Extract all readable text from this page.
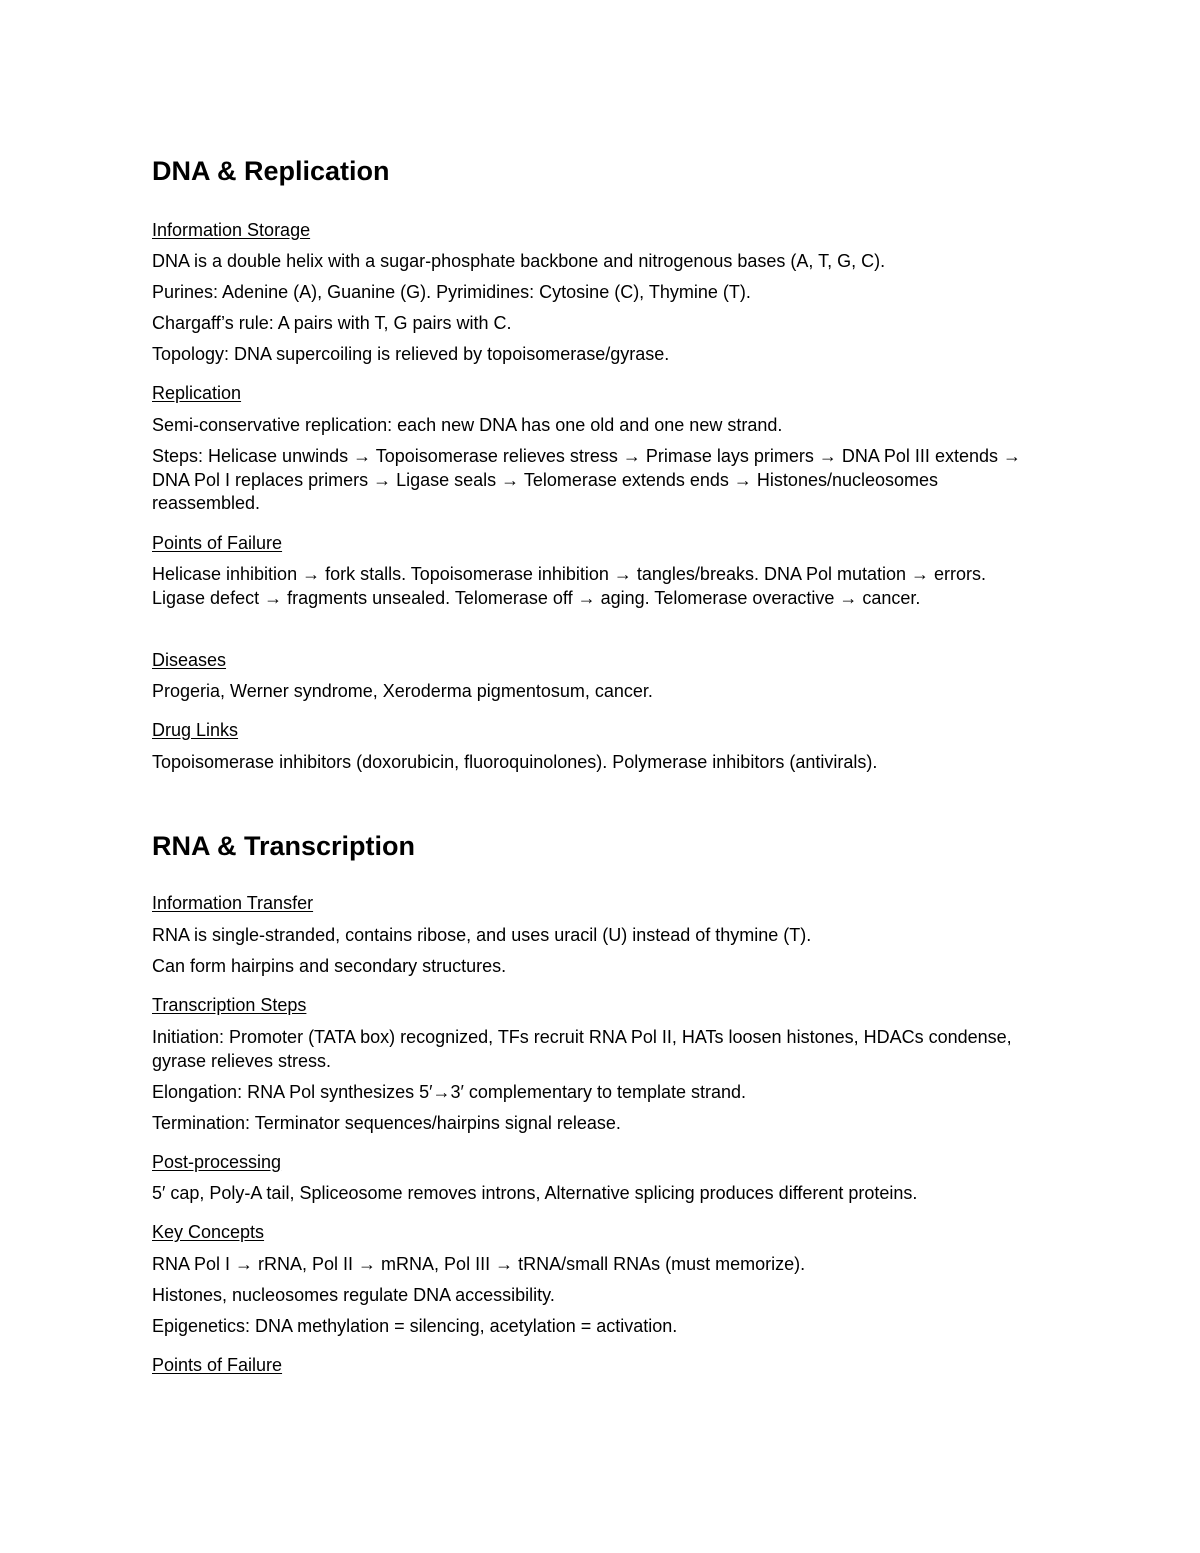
DNA & Replication
Information Storage
DNA is a double helix with a sugar-phosphate backbone and nitrogenous bases (A, T, G, C).
Purines: Adenine (A), Guanine (G). Pyrimidines: Cytosine (C), Thymine (T).
Chargaff’s rule: A pairs with T, G pairs with C.
Topology: DNA supercoiling is relieved by topoisomerase/gyrase.
Replication
Semi-conservative replication: each new DNA has one old and one new strand.
Steps: Helicase unwinds → Topoisomerase relieves stress → Primase lays primers → DNA Pol III extends → DNA Pol I replaces primers → Ligase seals → Telomerase extends ends → Histones/nucleosomes reassembled.
Points of Failure
Helicase inhibition → fork stalls. Topoisomerase inhibition → tangles/breaks. DNA Pol mutation → errors. Ligase defect → fragments unsealed. Telomerase off → aging. Telomerase overactive → cancer.
Diseases
Progeria, Werner syndrome, Xeroderma pigmentosum, cancer.
Drug Links
Topoisomerase inhibitors (doxorubicin, fluoroquinolones). Polymerase inhibitors (antivirals).
RNA & Transcription
Information Transfer
RNA is single-stranded, contains ribose, and uses uracil (U) instead of thymine (T).
Can form hairpins and secondary structures.
Transcription Steps
Initiation: Promoter (TATA box) recognized, TFs recruit RNA Pol II, HATs loosen histones, HDACs condense, gyrase relieves stress.
Elongation: RNA Pol synthesizes 5′→3′ complementary to template strand.
Termination: Terminator sequences/hairpins signal release.
Post-processing
5′ cap, Poly-A tail, Spliceosome removes introns, Alternative splicing produces different proteins.
Key Concepts
RNA Pol I → rRNA, Pol II → mRNA, Pol III → tRNA/small RNAs (must memorize).
Histones, nucleosomes regulate DNA accessibility.
Epigenetics: DNA methylation = silencing, acetylation = activation.
Points of Failure
